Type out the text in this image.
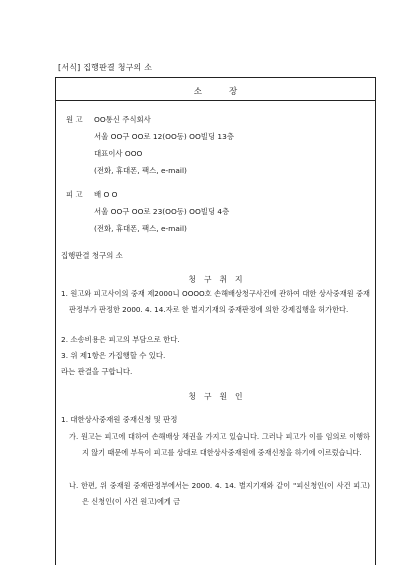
[서식] 집행판결 청구의 소
소장
원 고 OO통신 주식회사
서울 OO구 OO로 12(OO동) OO빌딩 13층
대표이사 OOO
(전화, 휴대폰, 팩스, e-mail)
피 고 배 O O
서울 OO구 OO로 23(OO동) OO빌딩 4층
(전화, 휴대폰, 팩스, e-mail)
집행판결 청구의 소
청구취지
1. 원고와 피고사이의 중재 제2000니 OOOO호 손해배상청구사건에 관하여 대한 상사중재원 중재판정부가 판정한 2000. 4. 14.자로 한 별지기재의 중재판정에 의한 강제집행을 허가한다.
2. 소송비용은 피고의 부담으로 한다.
3. 위 제1항은 가집행할 수 있다.
라는 판결을 구합니다.
청구원인
1. 대한상사중재원 중재신청 및 판정
가. 원고는 피고에 대하여 손해배상 채권을 가지고 있습니다. 그러나 피고가 이를 임의로 이행하지 않기 때문에 부득이 피고를 상대로 대한상사중재원에 중재신청을 하기에 이르렀습니다.
나. 한편, 위 중재원 중재판정부에서는 2000. 4. 14. 별지기재와 같이 "피신청인(이 사건 피고)은 신청인(이 사건 원고)에게 금
